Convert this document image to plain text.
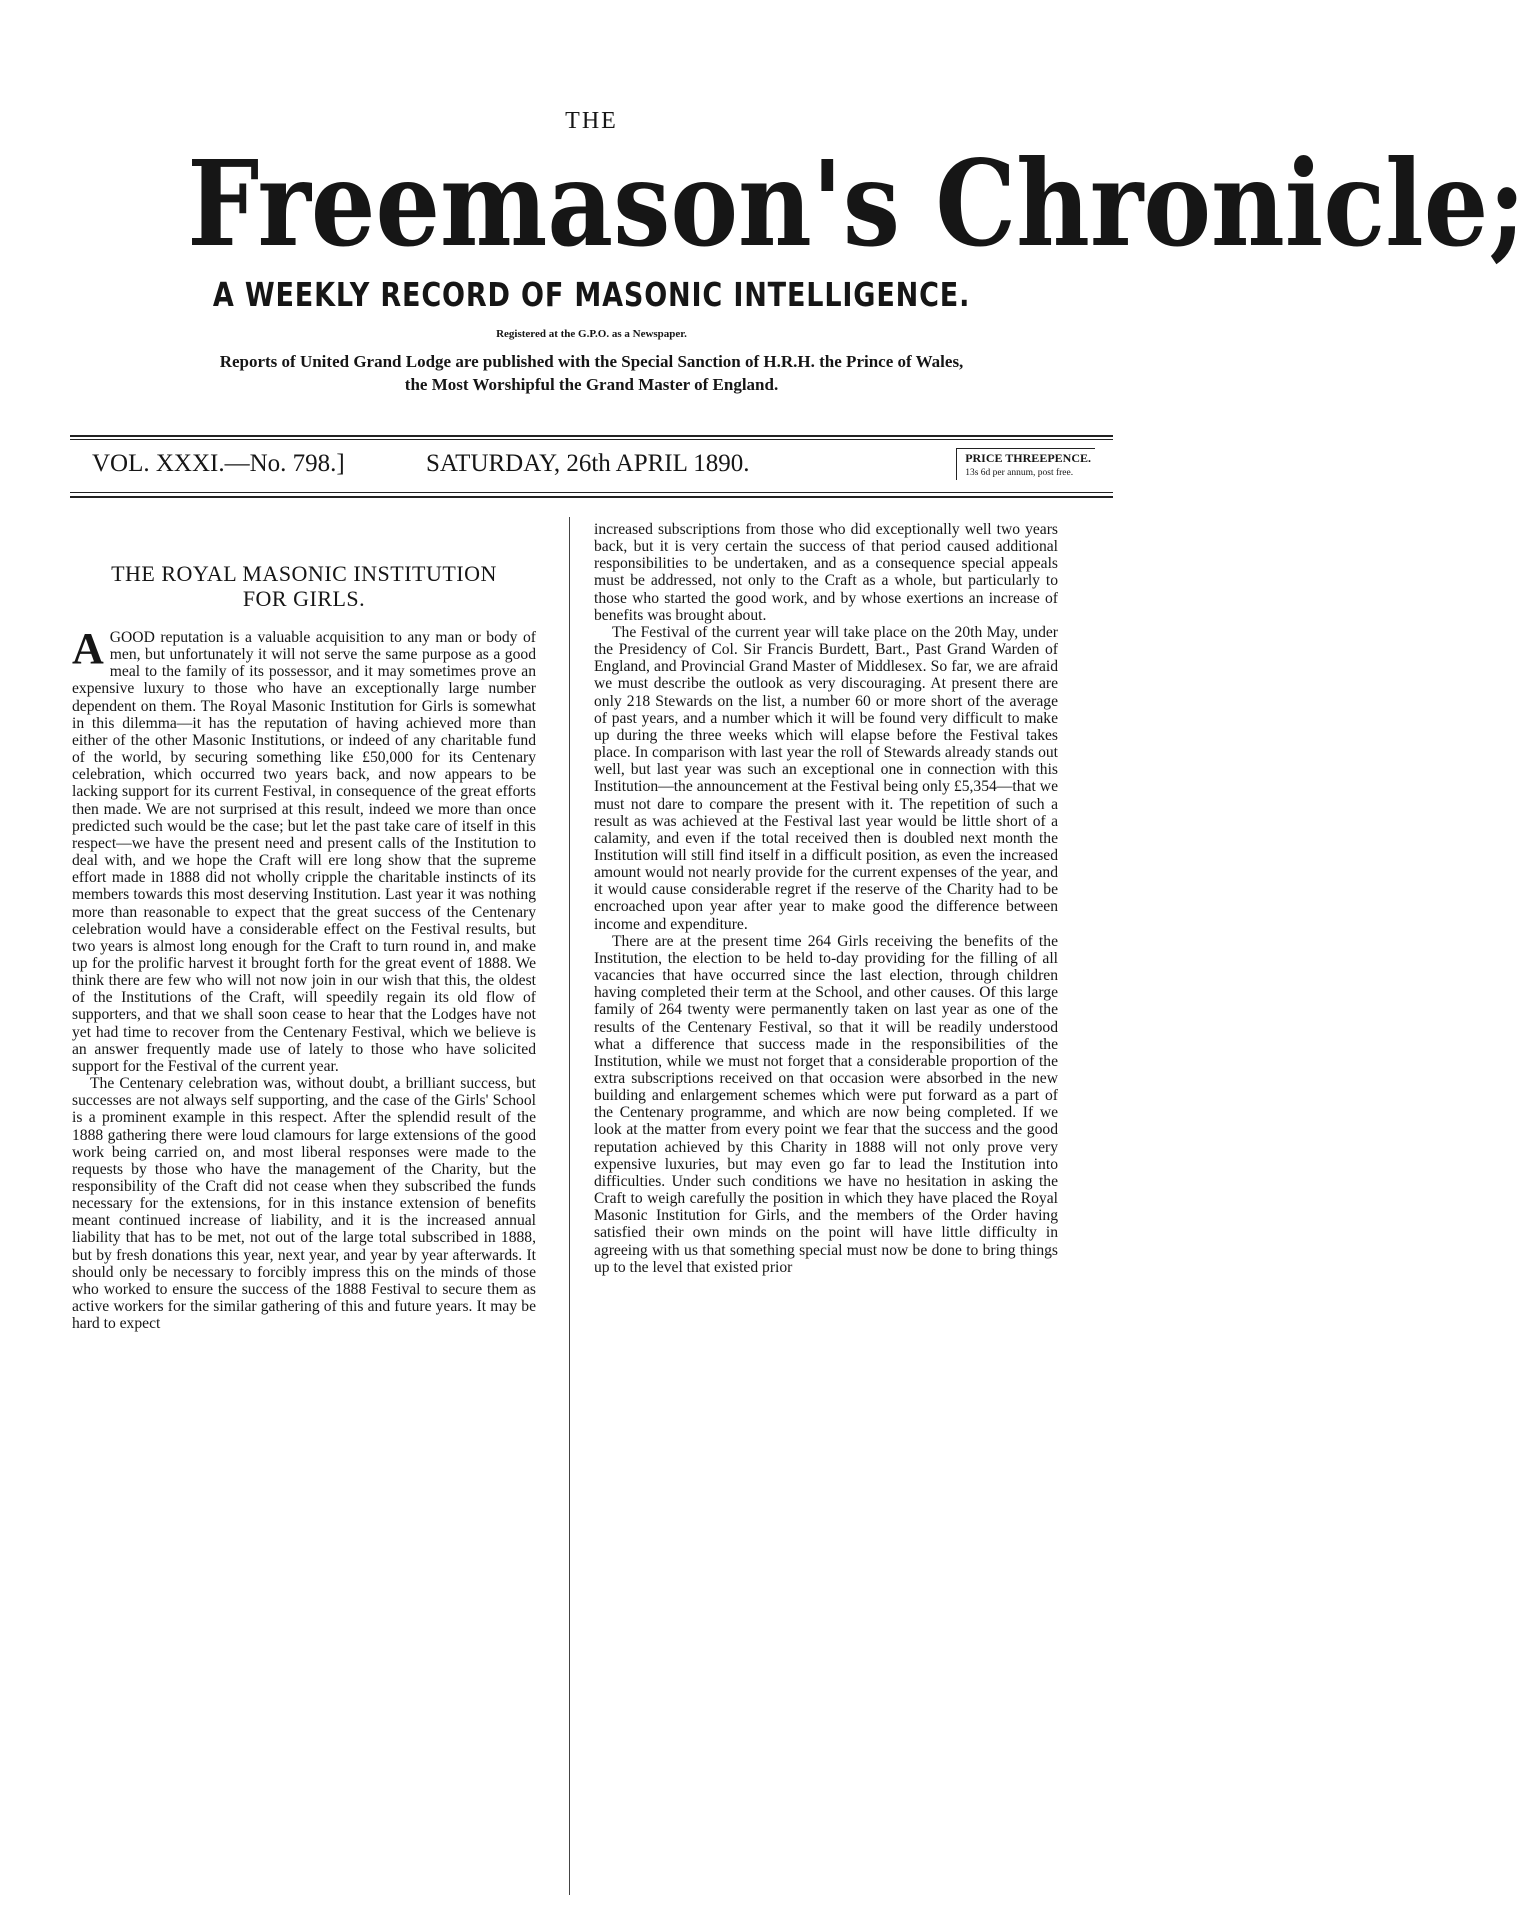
THE
Freemason's Chronicle;
A WEEKLY RECORD OF MASONIC INTELLIGENCE.
Registered at the G.P.O. as a Newspaper.
Reports of United Grand Lodge are published with the Special Sanction of H.R.H. the Prince of Wales,
the Most Worshipful the Grand Master of England.
VOL. XXXI.—No. 798.]	SATURDAY, 26th APRIL 1890.	PRICE THREEPENCE.
13s 6d per annum, post free.
THE ROYAL MASONIC INSTITUTION
FOR GIRLS.

AGOOD reputation is a valuable acquisition to any man or body of men, but unfortunately it will not serve the same purpose as a good meal to the family of its possessor, and it may sometimes prove an expensive luxury to those who have an exceptionally large number dependent on them. The Royal Masonic Institution for Girls is somewhat in this dilemma—it has the reputation of having achieved more than either of the other Masonic Institutions, or indeed of any charitable fund of the world, by securing something like £50,000 for its Centenary celebration, which occurred two years back, and now appears to be lacking support for its current Festival, in consequence of the great efforts then made. We are not surprised at this result, indeed we more than once predicted such would be the case; but let the past take care of itself in this respect—we have the present need and present calls of the Institution to deal with, and we hope the Craft will ere long show that the supreme effort made in 1888 did not wholly cripple the charitable instincts of its members towards this most deserving Institution. Last year it was nothing more than reasonable to expect that the great success of the Centenary celebration would have a considerable effect on the Festival results, but two years is almost long enough for the Craft to turn round in, and make up for the prolific harvest it brought forth for the great event of 1888. We think there are few who will not now join in our wish that this, the oldest of the Institutions of the Craft, will speedily regain its old flow of supporters, and that we shall soon cease to hear that the Lodges have not yet had time to recover from the Centenary Festival, which we believe is an answer frequently made use of lately to those who have solicited support for the Festival of the current year.

The Centenary celebration was, without doubt, a brilliant success, but successes are not always self supporting, and the case of the Girls' School is a prominent example in this respect. After the splendid result of the 1888 gathering there were loud clamours for large extensions of the good work being carried on, and most liberal responses were made to the requests by those who have the management of the Charity, but the responsibility of the Craft did not cease when they subscribed the funds necessary for the extensions, for in this instance extension of benefits meant continued increase of liability, and it is the increased annual liability that has to be met, not out of the large total subscribed in 1888, but by fresh donations this year, next year, and year by year afterwards. It should only be necessary to forcibly impress this on the minds of those who worked to ensure the success of the 1888 Festival to secure them as active workers for the similar gathering of this and future years. It may be hard to expect

increased subscriptions from those who did exceptionally well two years back, but it is very certain the success of that period caused additional responsibilities to be undertaken, and as a consequence special appeals must be addressed, not only to the Craft as a whole, but particularly to those who started the good work, and by whose exertions an increase of benefits was brought about.

The Festival of the current year will take place on the 20th May, under the Presidency of Col. Sir Francis Burdett, Bart., Past Grand Warden of England, and Provincial Grand Master of Middlesex. So far, we are afraid we must describe the outlook as very discouraging. At present there are only 218 Stewards on the list, a number 60 or more short of the average of past years, and a number which it will be found very difficult to make up during the three weeks which will elapse before the Festival takes place. In comparison with last year the roll of Stewards already stands out well, but last year was such an exceptional one in connection with this Institution—the announcement at the Festival being only £5,354—that we must not dare to compare the present with it. The repetition of such a result as was achieved at the Festival last year would be little short of a calamity, and even if the total received then is doubled next month the Institution will still find itself in a difficult position, as even the increased amount would not nearly provide for the current expenses of the year, and it would cause considerable regret if the reserve of the Charity had to be encroached upon year after year to make good the difference between income and expenditure.

There are at the present time 264 Girls receiving the benefits of the Institution, the election to be held to-day providing for the filling of all vacancies that have occurred since the last election, through children having completed their term at the School, and other causes. Of this large family of 264 twenty were permanently taken on last year as one of the results of the Centenary Festival, so that it will be readily understood what a difference that success made in the responsibilities of the Institution, while we must not forget that a considerable proportion of the extra subscriptions received on that occasion were absorbed in the new building and enlargement schemes which were put forward as a part of the Centenary programme, and which are now being completed. If we look at the matter from every point we fear that the success and the good reputation achieved by this Charity in 1888 will not only prove very expensive luxuries, but may even go far to lead the Institution into difficulties. Under such conditions we have no hesitation in asking the Craft to weigh carefully the position in which they have placed the Royal Masonic Institution for Girls, and the members of the Order having satisfied their own minds on the point will have little difficulty in agreeing with us that something special must now be done to bring things up to the level that existed prior
